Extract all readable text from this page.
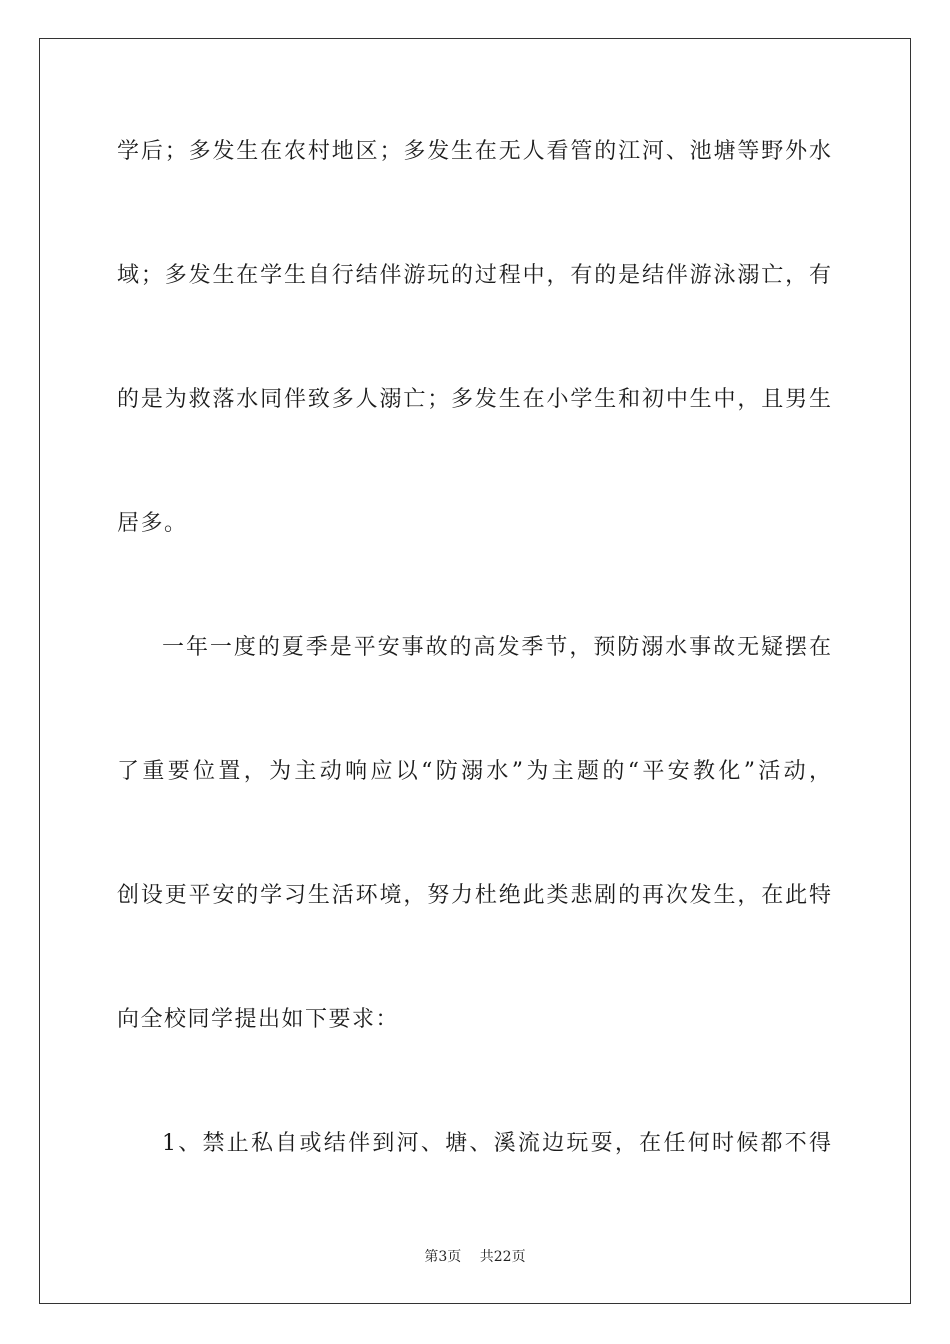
学后；多发生在农村地区；多发生在无人看管的江河、池塘等野外水
域；多发生在学生自行结伴游玩的过程中，有的是结伴游泳溺亡，有
的是为救落水同伴致多人溺亡；多发生在小学生和初中生中，且男生
居多。
一年一度的夏季是平安事故的高发季节，预防溺水事故无疑摆在
了重要位置，为主动响应以“防溺水”为主题的“平安教化”活动，
创设更平安的学习生活环境，努力杜绝此类悲剧的再次发生，在此特
向全校同学提出如下要求：
1、禁止私自或结伴到河、塘、溪流边玩耍，在任何时候都不得
第3页 共22页
